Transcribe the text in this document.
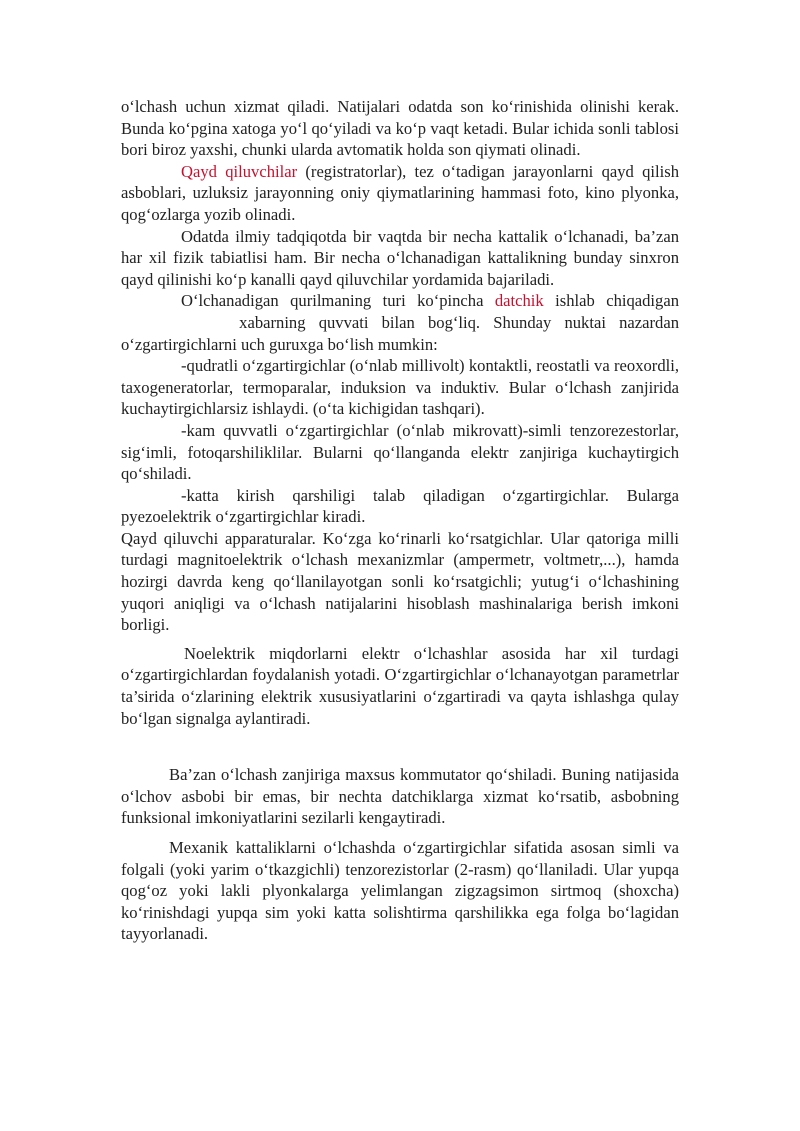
o‘lchash uchun xizmat qiladi. Natijalari odatda son ko‘rinishida olinishi kerak. Bunda ko‘pgina xatoga yo‘l qo‘yiladi va ko‘p vaqt ketadi. Bular ichida sonli tablosi bori biroz yaxshi, chunki ularda avtomatik holda son qiymati olinadi.

Qayd qiluvchilar (registratorlar), tez o‘tadigan jarayonlarni qayd qilish asboblari, uzluksiz jarayonning oniy qiymatlarining hammasi foto, kino plyonka, qog‘ozlarga yozib olinadi.

Odatda ilmiy tadqiqotda bir vaqtda bir necha kattalik o‘lchanadi, ba’zan har xil fizik tabiatlisi ham. Bir necha o‘lchanadigan kattalikning bunday sinxron qayd qilinishi ko‘p kanalli qayd qiluvchilar yordamida bajariladi.

O‘lchanadigan qurilmaning turi ko‘pincha datchik ishlab chiqadigan xabarning quvvati bilan bog‘liq. Shunday nuktai nazardan o‘zgartirgichlarni uch guruxga bo‘lish mumkin:

-qudratli o‘zgartirgichlar (o‘nlab millivolt) kontaktli, reostatli va reoxordli, taxogeneratorlar, termoparalar, induksion va induktiv. Bular o‘lchash zanjirida kuchaytirgichlarsiz ishlaydi. (o‘ta kichigidan tashqari).

-kam quvvatli o‘zgartirgichlar (o‘nlab mikrovatt)-simli tenzorezestorlar, sig‘imli, fotoqarshiliklilar. Bularni qo‘llanganda elektr zanjiriga kuchaytirgich qo‘shiladi.

-katta kirish qarshiligi talab qiladigan o‘zgartirgichlar. Bularga pyezoelektrik o‘zgartirgichlar kiradi.

Qayd qiluvchi apparaturalar. Ko‘zga ko‘rinarli ko‘rsatgichlar. Ular qatoriga milli turdagi magnitoelektrik o‘lchash mexanizmlar (ampermetr, voltmetr,...), hamda hozirgi davrda keng qo‘llanilayotgan sonli ko‘rsatgichli; yutug‘i o‘lchashining yuqori aniqligi va o‘lchash natijalarini hisoblash mashinalariga berish imkoni borligi.

Noelektrik miqdorlarni elektr o‘lchashlar asosida har xil turdagi o‘zgartirgichlardan foydalanish yotadi. O‘zgartirgichlar o‘lchanayotgan parametrlar ta’sirida o‘zlarining elektrik xususiyatlarini o‘zgartiradi va qayta ishlashga qulay bo‘lgan signalga aylantiradi.

Ba’zan o‘lchash zanjiriga maxsus kommutator qo‘shiladi. Buning natijasida o‘lchov asbobi bir emas, bir nechta datchiklarga xizmat ko‘rsatib, asbobning funksional imkoniyatlarini sezilarli kengaytiradi.

Mexanik kattaliklarni o‘lchashda o‘zgartirgichlar sifatida asosan simli va folgali (yoki yarim o‘tkazgichli) tenzorezistorlar (2-rasm) qo‘llaniladi. Ular yupqa qog‘oz yoki lakli plyonkalarga yelimlangan zigzagsimon sirtmoq (shoxcha) ko‘rinishdagi yupqa sim yoki katta solishtirma qarshilikka ega folga bo‘lagidan tayyorlanadi.
